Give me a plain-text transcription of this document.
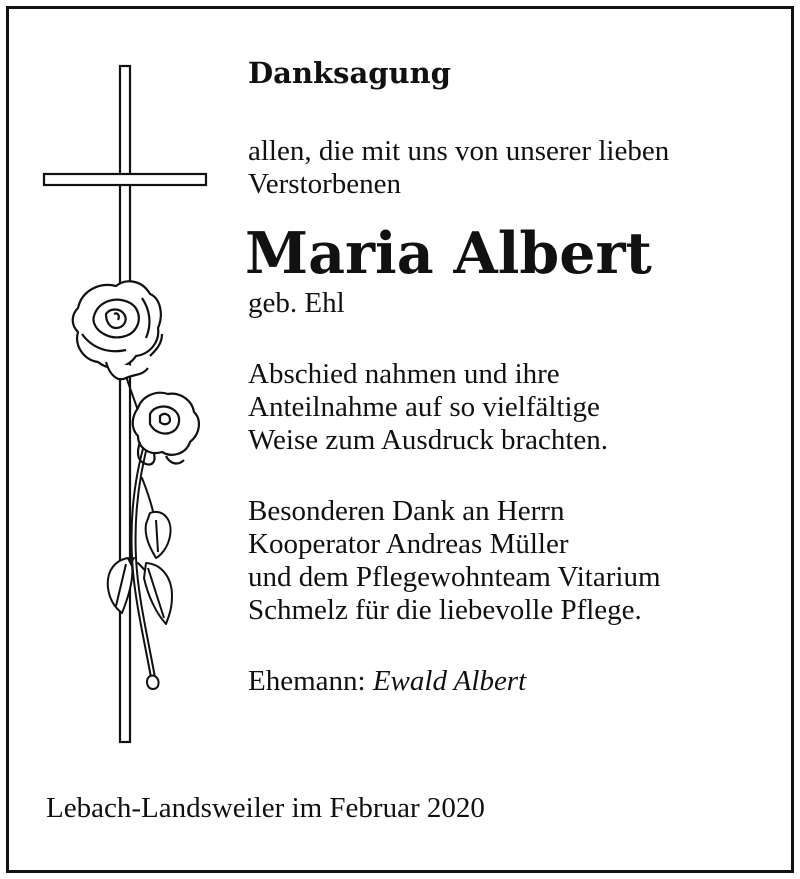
Danksagung

allen, die mit uns von unserer lieben
Verstorbenen

Maria Albert

geb. Ehl

Abschied nahmen und ihre
Anteilnahme auf so vielfältige
Weise zum Ausdruck brachten.

Besonderen Dank an Herrn
Kooperator Andreas Müller
und dem Pflegewohnteam Vitarium
Schmelz für die liebevolle Pflege.

Ehemann: Ewald Albert

Lebach-Landsweiler im Februar 2020
